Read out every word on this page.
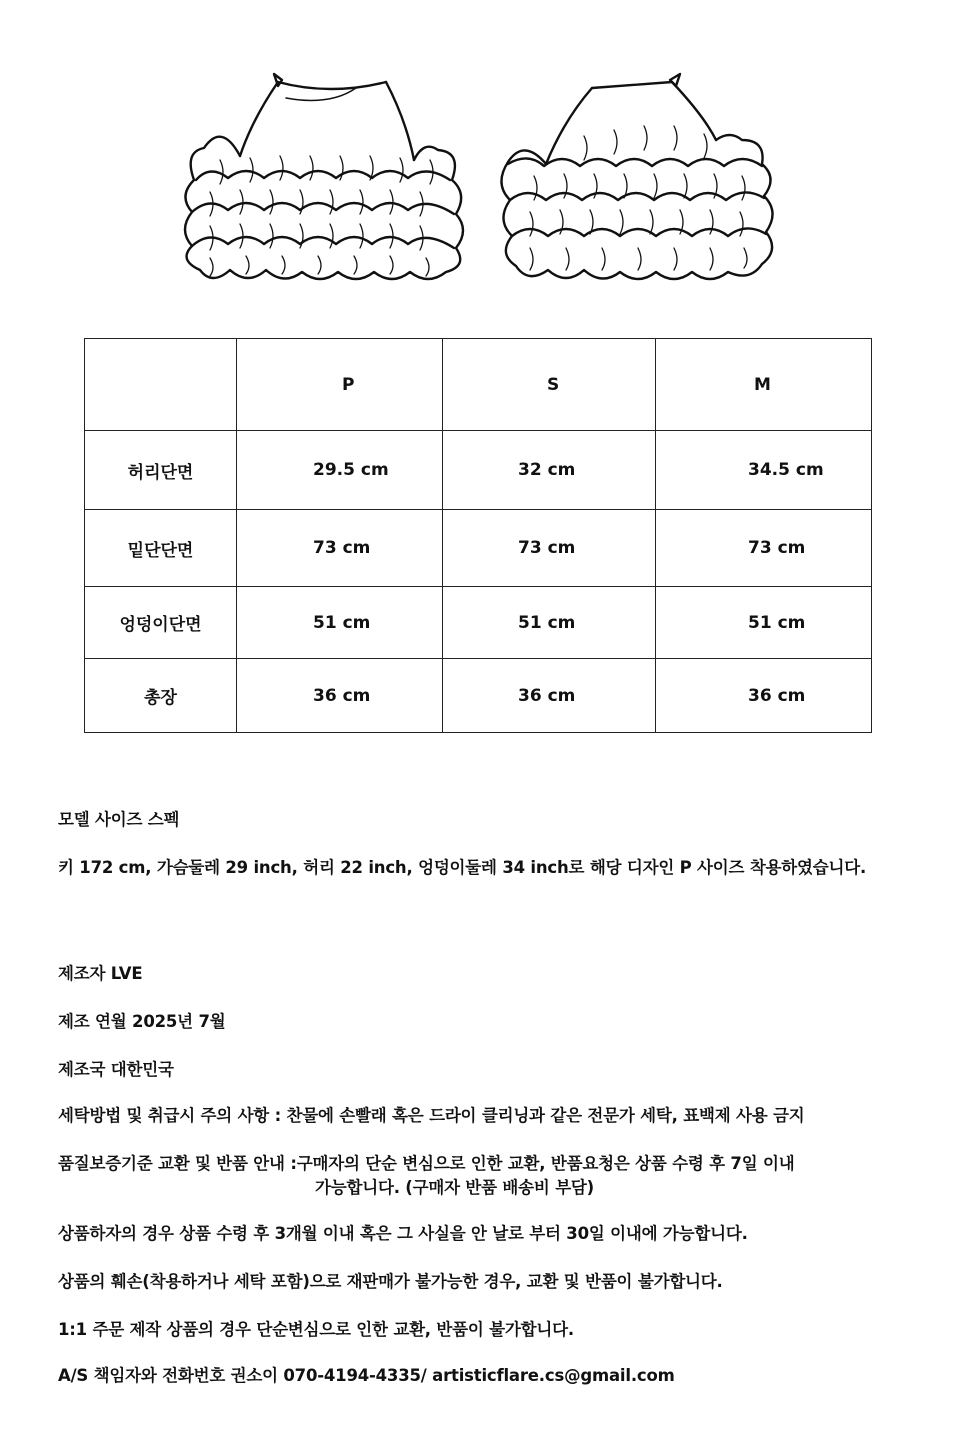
	P	S	M
허리단면	29.5 cm	32 cm	34.5 cm
밑단단면	73 cm	73 cm	73 cm
엉덩이단면	51 cm	51 cm	51 cm
총장	36 cm	36 cm	36 cm
모델 사이즈 스펙
키 172 cm, 가슴둘레 29 inch, 허리 22 inch, 엉덩이둘레 34 inch로 해당 디자인 P 사이즈 착용하였습니다.
제조자 LVE
제조 연월 2025년 7월
제조국 대한민국
세탁방법 및 취급시 주의 사항 : 찬물에 손빨래 혹은 드라이 클리닝과 같은 전문가 세탁, 표백제 사용 금지
품질보증기준 교환 및 반품 안내 :구매자의 단순 변심으로 인한 교환, 반품요청은 상품 수령 후 7일 이내
가능합니다. (구매자 반품 배송비 부담)
상품하자의 경우 상품 수령 후 3개월 이내 혹은 그 사실을 안 날로 부터 30일 이내에 가능합니다.
상품의 훼손(착용하거나 세탁 포함)으로 재판매가 불가능한 경우, 교환 및 반품이 불가합니다.
1:1 주문 제작 상품의 경우 단순변심으로 인한 교환, 반품이 불가합니다.
A/S 책임자와 전화번호 권소이 070-4194-4335/ artisticflare.cs@gmail.com
